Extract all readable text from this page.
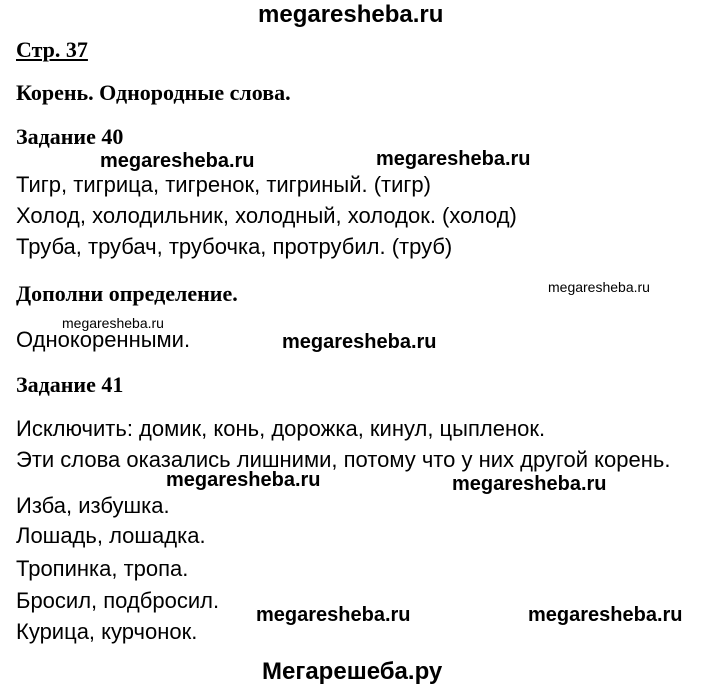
megaresheba.ru
Стр. 37
Корень. Однородные слова.
Задание 40
megaresheba.ru	megaresheba.ru
Тигр, тигрица, тигренок, тигриный. (тигр)
Холод, холодильник, холодный, холодок. (холод)
Труба, трубач, трубочка, протрубил. (труб)
Дополни определение.	megaresheba.ru
megaresheba.ru
Однокоренными.	megaresheba.ru
Задание 41
Исключить: домик, конь, дорожка, кинул, цыпленок.
Эти слова оказались лишними, потому что у них другой корень.
megaresheba.ru	megaresheba.ru
Изба, избушка.
Лошадь, лошадка.
Тропинка, тропа.
Бросил, подбросил.
megaresheba.ru	megaresheba.ru
Курица, курчонок.
Мегарешеба.ру
